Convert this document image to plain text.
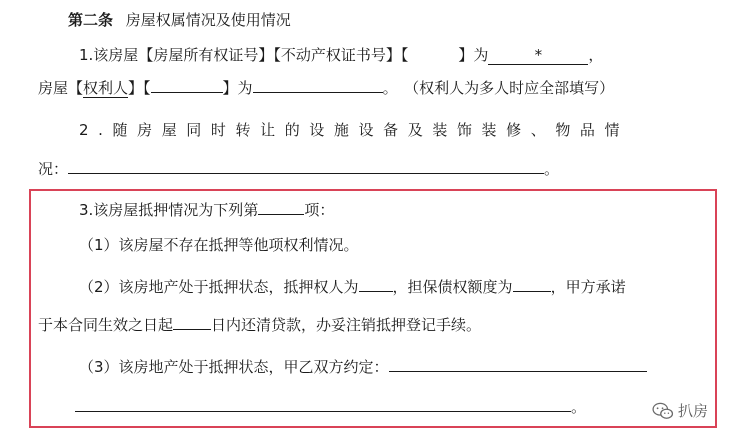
第二条 房屋权属情况及使用情况
1.该房屋【房屋所有权证号】【不动产权证书号】【	】为	*	，
房屋【权利人】【	】为	。 （权利人为多人时应全部填写）
2.随房屋同时转让的设施设备及装饰装修、物品情
况：	。
3.该房屋抵押情况为下列第	项：
（1）该房屋不存在抵押等他项权利情况。
（2）该房地产处于抵押状态，抵押权人为 ，担保债权额度为	，甲方承诺
于本合同生效之日起	日内还清贷款，办妥注销抵押登记手续。
（3）该房地产处于抵押状态，甲乙双方约定：
。	扒房
